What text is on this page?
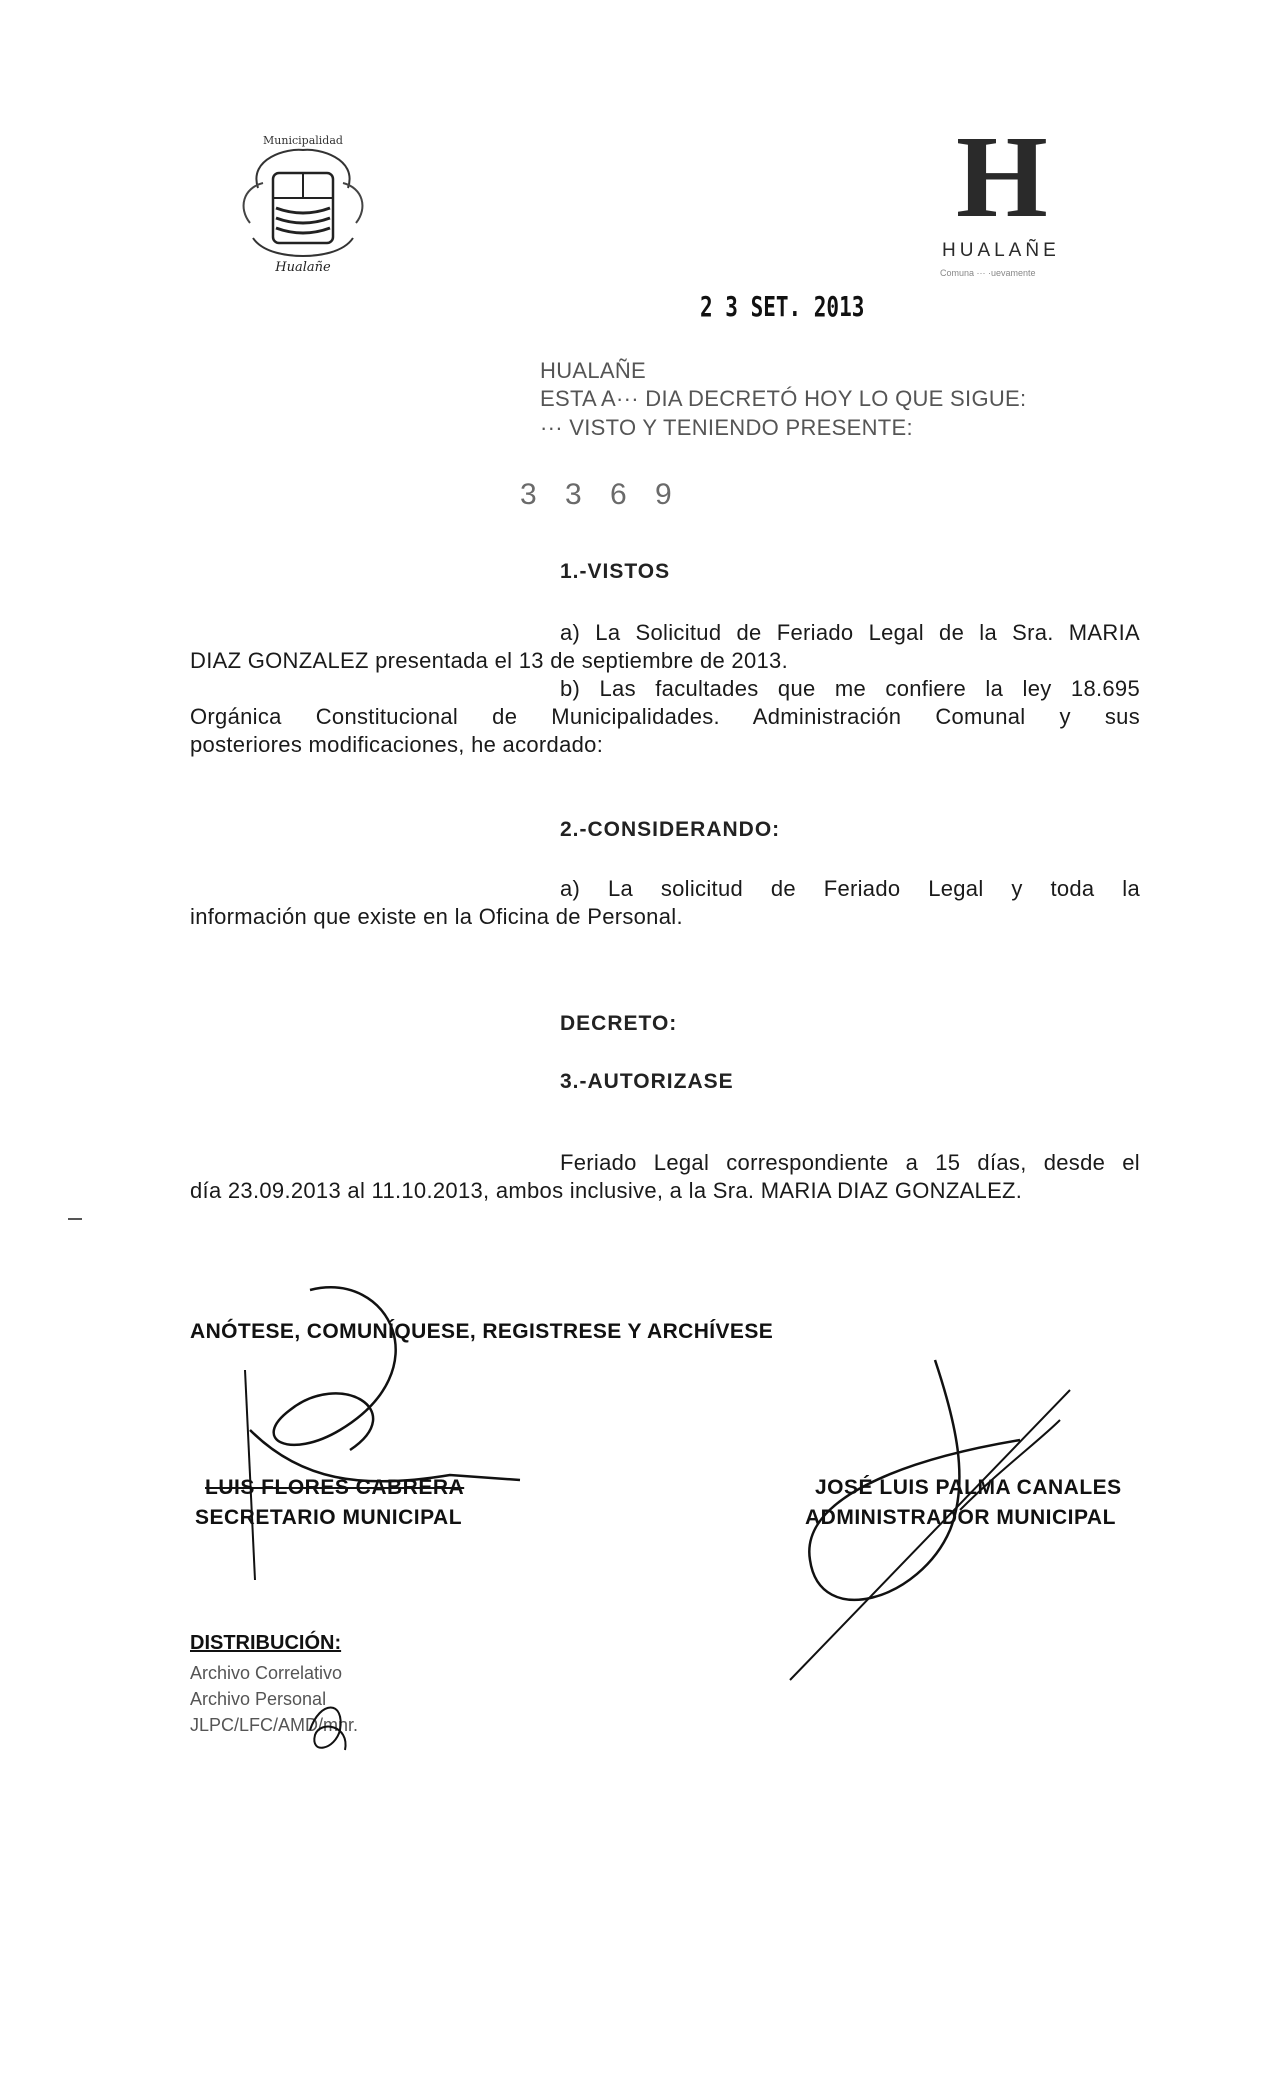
Municipalidad
Hualañe
H
HUALAÑE
Comuna ··· ·uevamente
2 3 SET. 2013
HUALAÑE
ESTA A··· DIA DECRETÓ HOY LO QUE SIGUE:
··· VISTO Y TENIENDO PRESENTE:
3 3 6 9
1.-VISTOS
a) La Solicitud de Feriado Legal de la Sra. MARIA
DIAZ GONZALEZ presentada el 13 de septiembre de 2013.
b) Las facultades que me confiere la ley 18.695
Orgánica Constitucional de Municipalidades. Administración Comunal y sus
posteriores modificaciones, he acordado:
2.-CONSIDERANDO:
a) La solicitud de Feriado Legal y toda la
información que existe en la Oficina de Personal.
DECRETO:
3.-AUTORIZASE
Feriado Legal correspondiente a 15 días, desde el
día 23.09.2013 al 11.10.2013, ambos inclusive, a la Sra. MARIA DIAZ GONZALEZ.
ANÓTESE, COMUNÍQUESE, REGISTRESE Y ARCHÍVESE
LUIS FLORES CABRERA
SECRETARIO MUNICIPAL
JOSÉ LUIS PALMA CANALES
ADMINISTRADOR MUNICIPAL
DISTRIBUCIÓN:
Archivo Correlativo
Archivo Personal
JLPC/LFC/AMD/mnr.
